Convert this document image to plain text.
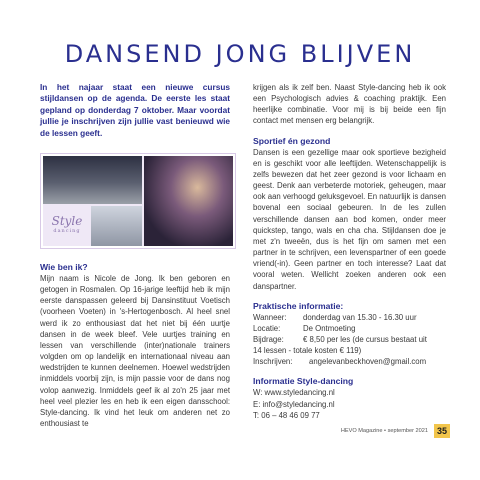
DANSEND JONG BLIJVEN

In het najaar staat een nieuwe cursus stijldansen op de agenda. De eerste les staat gepland op donderdag 7 oktober. Maar voordat jullie je inschrijven zijn jullie vast benieuwd wie de lessen geeft.

Style
dancing
Wie ben ik?

Mijn naam is Nicole de Jong. Ik ben geboren en getogen in Rosmalen. Op 16-jarige leeftijd heb ik mijn eerste danspassen geleerd bij Dansinstituut Voetisch (voorheen Voeten) in 's-Hertogenbosch. Al heel snel werd ik zo enthousiast dat het niet bij één uurtje dansen in de week bleef. Vele uurtjes training en lessen van verschillende (inter)nationale trainers volgden om op landelijk en internationaal niveau aan wedstrijden te kunnen deelnemen. Hoewel wedstrijden inmiddels voorbij zijn, is mijn passie voor de dans nog volop aanwezig. Inmiddels geef ik al zo'n 25 jaar met heel veel plezier les en heb ik een eigen dansschool: Style-dancing. Ik vind het leuk om anderen net zo enthousiast te

krijgen als ik zelf ben. Naast Style-dancing heb ik ook een Psychologisch advies & coaching praktijk. Een heerlijke combinatie. Voor mij is bij beide een fijn contact met mensen erg belangrijk.

Sportief én gezond

Dansen is een gezellige maar ook sportieve bezigheid en is geschikt voor alle leeftijden. Wetenschappelijk is zelfs bewezen dat het zeer gezond is voor lichaam en geest. Denk aan verbeterde motoriek, geheugen, maar ook aan verhoogd geluksgevoel. En natuurlijk is dansen bovenal een sociaal gebeuren. In de les zullen verschillende dansen aan bod komen, onder meer quickstep, tango, wals en cha cha. Stijldansen doe je met z'n tweeën, dus is het fijn om samen met een partner in te schrijven, een levenspartner of een goede vriend(-in). Geen partner en toch interesse? Laat dat vooral weten. Wellicht zoeken anderen ook een danspartner.

Praktische informatie:
Wanneer:	donderdag van 15.30 - 16.30 uur
Locatie:	De Ontmoeting
Bijdrage:	€ 8,50 per les (de cursus bestaat uit

14 lessen - totale kosten € 119)

Inschrijven:	angelevanbeckhoven@gmail.com
Informatie Style-dancing

W: www.styledancing.nl

E: info@styledancing.nl

T: 06 – 48 46 09 77

HEVO Magazine • september 2021 35
